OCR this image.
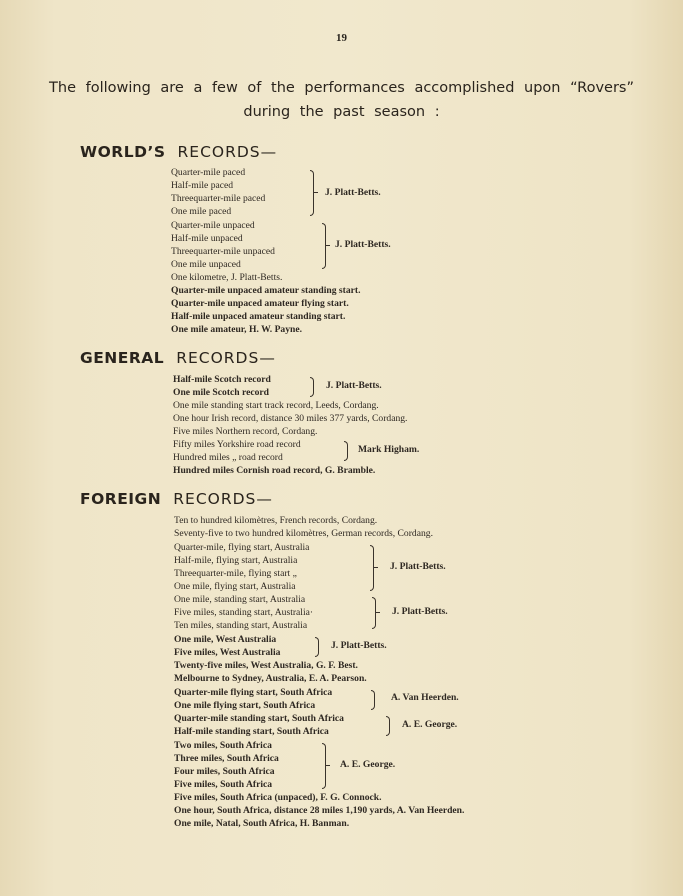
19
The following are a few of the performances accomplished upon “Rovers” during the past season :
WORLD’S RECORDS—
GENERAL RECORDS—
FOREIGN RECORDS—
Quarter-mile paced
Half-mile paced
Threequarter-mile paced
One mile paced
Quarter-mile unpaced
Half-mile unpaced
Threequarter-mile unpaced
One mile unpaced
One kilometre, J. Platt-Betts.
Quarter-mile unpaced amateur standing start.
Quarter-mile unpaced amateur flying start.
Half-mile unpaced amateur standing start.
One mile amateur, H. W. Payne.
J. Platt-Betts.
J. Platt-Betts.
Half-mile Scotch record
One mile Scotch record
One mile standing start track record, Leeds, Cordang.
One hour Irish record, distance 30 miles 377 yards, Cordang.
Five miles Northern record, Cordang.
Fifty miles Yorkshire road record
Hundred miles „ road record
Hundred miles Cornish road record, G. Bramble.
J. Platt-Betts.
Mark Higham.
Ten to hundred kilomètres, French records, Cordang.
Seventy-five to two hundred kilomètres, German records, Cordang.
Quarter-mile, flying start, Australia
Half-mile, flying start, Australia
Threequarter-mile, flying start „
One mile, flying start, Australia
One mile, standing start, Australia
Five miles, standing start, Australia·
Ten miles, standing start, Australia
One mile, West Australia
Five miles, West Australia
Twenty-five miles, West Australia, G. F. Best.
Melbourne to Sydney, Australia, E. A. Pearson.
Quarter-mile flying start, South Africa
One mile flying start, South Africa
Quarter-mile standing start, South Africa
Half-mile standing start, South Africa
Two miles, South Africa
Three miles, South Africa
Four miles, South Africa
Five miles, South Africa
Five miles, South Africa (unpaced), F. G. Connock.
One hour, South Africa, distance 28 miles 1,190 yards, A. Van Heerden.
One mile, Natal, South Africa, H. Banman.
J. Platt-Betts.
J. Platt-Betts.
J. Platt-Betts.
A. Van Heerden.
A. E. George.
A. E. George.
